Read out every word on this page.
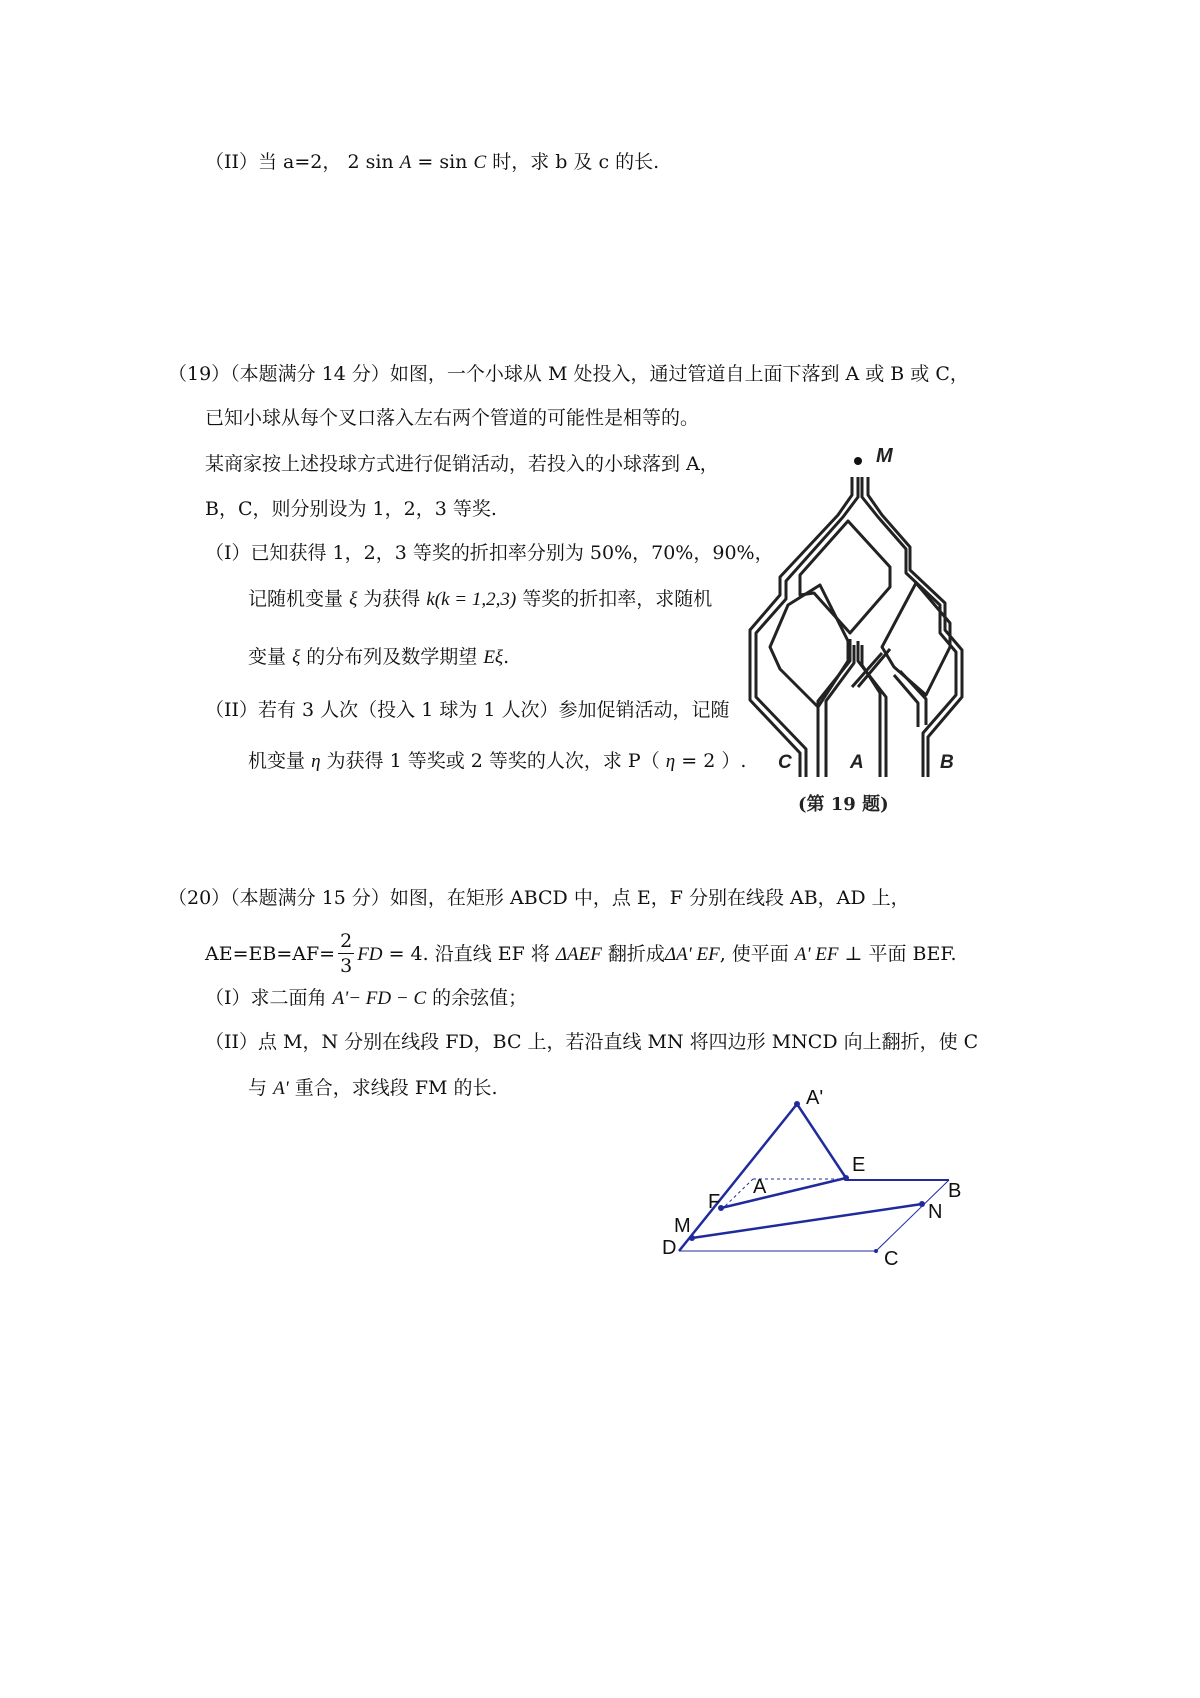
（II）当 a=2， 2 sin A = sin C 时，求 b 及 c 的长.
（19）（本题满分 14 分）如图，一个小球从 M 处投入，通过管道自上面下落到 A 或 B 或 C，
已知小球从每个叉口落入左右两个管道的可能性是相等的。
某商家按上述投球方式进行促销活动，若投入的小球落到 A，
B，C，则分别设为 1，2，3 等奖.
（I）已知获得 1，2，3 等奖的折扣率分别为 50%，70%，90%，
记随机变量 ξ 为获得 k(k = 1,2,3) 等奖的折扣率，求随机
变量 ξ 的分布列及数学期望 Eξ.
（II）若有 3 人次（投入 1 球为 1 人次）参加促销活动，记随
机变量 η 为获得 1 等奖或 2 等奖的人次，求 P（ η = 2 ）.
M
C	A	B
(第 19 题)
（20）（本题满分 15 分）如图，在矩形 ABCD 中，点 E，F 分别在线段 AB，AD 上，
$AE=EB=AF= \frac{2}{3}$ FD = 4. 沿直线 EF 将 ΔAEF 翻折成ΔA' EF, 使平面 A' EF ⊥ 平面 BEF.
（I）求二面角 A'− FD − C 的余弦值；
（II）点 M，N 分别在线段 FD，BC 上，若沿直线 MN 将四边形 MNCD 向上翻折，使 C
与 A' 重合，求线段 FM 的长.	A'
E
A	B
F	N
M
D	C
